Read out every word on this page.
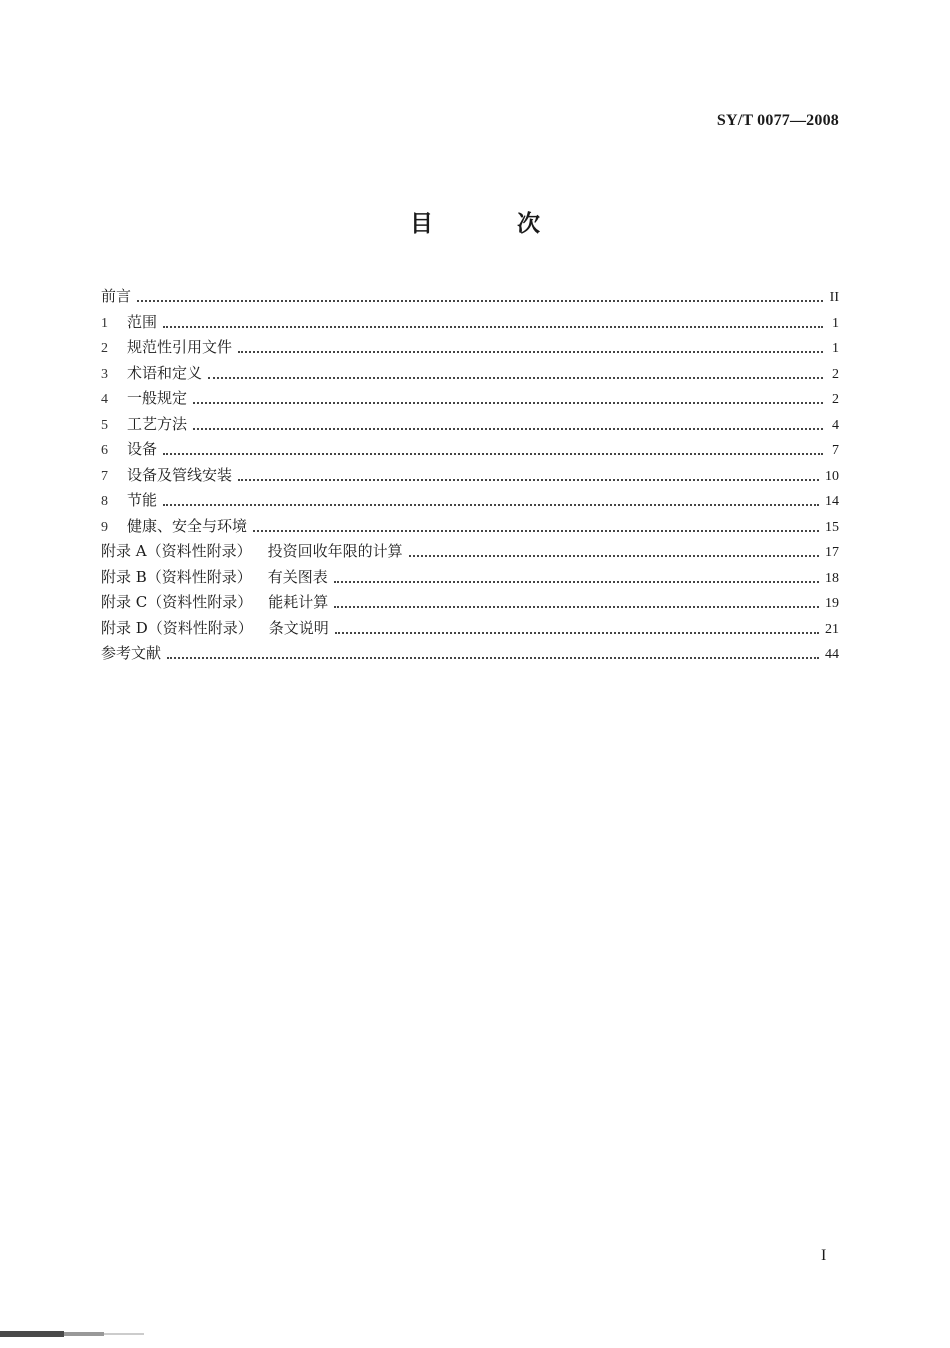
SY/T 0077—2008
目 次
前言	II
1	范围	1
2	规范性引用文件	1
3	术语和定义	2
4	一般规定	2
5	工艺方法	4
6	设备	7
7	设备及管线安装	10
8	节能	14
9	健康、安全与环境	15
附录 A（资料性附录） 投资回收年限的计算	17
附录 B（资料性附录） 有关图表	18
附录 C（资料性附录） 能耗计算	19
附录 D（资料性附录） 条文说明	21
参考文献	44
I
